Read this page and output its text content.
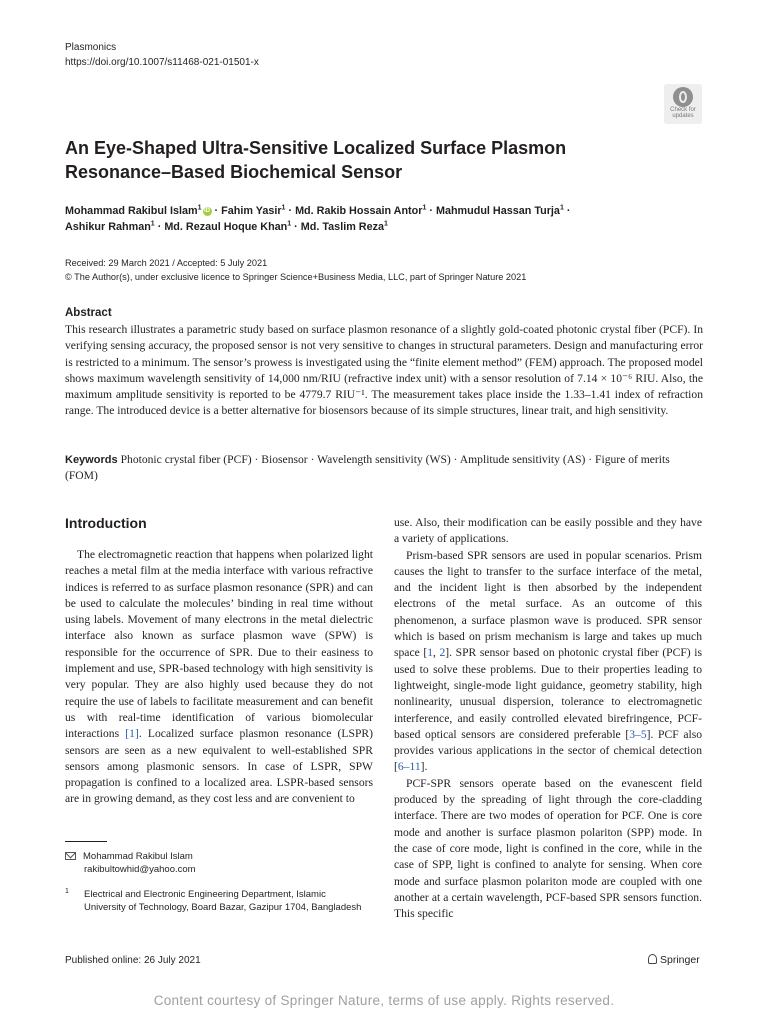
Plasmonics
https://doi.org/10.1007/s11468-021-01501-x
Check for
updates
An Eye-Shaped Ultra-Sensitive Localized Surface Plasmon Resonance–Based Biochemical Sensor
Mohammad Rakibul Islam$^1$ iD · Fahim Yasir$^1$ · Md. Rakib Hossain Antor$^1$ · Mahmudul Hassan Turja$^1$ ·
Ashikur Rahman$^1$ · Md. Rezaul Hoque Khan$^1$ · Md. Taslim Reza$^1$
Received: 29 March 2021 / Accepted: 5 July 2021
© The Author(s), under exclusive licence to Springer Science+Business Media, LLC, part of Springer Nature 2021
Abstract
This research illustrates a parametric study based on surface plasmon resonance of a slightly gold-coated photonic crystal fiber (PCF). In verifying sensing accuracy, the proposed sensor is not very sensitive to changes in structural parameters. Design and manufacturing error is restricted to a minimum. The sensor’s prowess is investigated using the “finite element method” (FEM) approach. The proposed model shows maximum wavelength sensitivity of 14,000 nm/RIU (refractive index unit) with a sensor resolution of 7.14 × 10⁻⁶ RIU. Also, the maximum amplitude sensitivity is reported to be 4779.7 RIU⁻¹. The measurement takes place inside the 1.33–1.41 index of refraction range. The introduced device is a better alternative for biosensors because of its simple structures, linear trait, and high sensitivity.
Keywords Photonic crystal fiber (PCF) · Biosensor · Wavelength sensitivity (WS) · Amplitude sensitivity (AS) · Figure of merits (FOM)
Introduction

The electromagnetic reaction that happens when polarized light reaches a metal film at the media interface with various refractive indices is referred to as surface plasmon resonance (SPR) and can be used to calculate the molecules’ binding in real time without using labels. Movement of many electrons in the metal dielectric interface also known as surface plasmon wave (SPW) is responsible for the occurrence of SPR. Due to their easiness to implement and use, SPR-based technology with high sensitivity is very popular. They are also highly used because they do not require the use of labels to facilitate measurement and can benefit us with real-time identification of various biomolecular interactions [1]. Localized surface plasmon resonance (LSPR) sensors are seen as a new equivalent to well-established SPR sensors among plasmonic sensors. In case of LSPR, SPW propagation is confined to a localized area. LSPR-based sensors are in growing demand, as they cost less and are convenient to

use. Also, their modification can be easily possible and they have a variety of applications.

Prism-based SPR sensors are used in popular scenarios. Prism causes the light to transfer to the surface interface of the metal, and the incident light is then absorbed by the independent electrons of the metal surface. As an outcome of this phenomenon, a surface plasmon wave is produced. SPR sensor which is based on prism mechanism is large and takes up much space [1, 2]. SPR sensor based on photonic crystal fiber (PCF) is used to solve these problems. Due to their properties leading to lightweight, single-mode light guidance, geometry stability, high nonlinearity, unusual dispersion, tolerance to electromagnetic interference, and easily controlled elevated birefringence, PCF-based optical sensors are considered preferable [3–5]. PCF also provides various applications in the sector of chemical detection [6–11].

PCF-SPR sensors operate based on the evanescent field produced by the spreading of light through the core-cladding interface. There are two modes of operation for PCF. One is core mode and another is surface plasmon polariton (SPP) mode. In the case of core mode, light is confined in the core, while in the case of SPP, light is confined to analyte for sensing. When core mode and surface plasmon polariton mode are coupled with one another at a certain wavelength, PCF-based SPR sensors function. This specific

Mohammad Rakibul Islam
rakibultowhid@yahoo.com
1 Electrical and Electronic Engineering Department, Islamic University of Technology, Board Bazar, Gazipur 1704, Bangladesh
Published online: 26 July 2021	Springer
Content courtesy of Springer Nature, terms of use apply. Rights reserved.
